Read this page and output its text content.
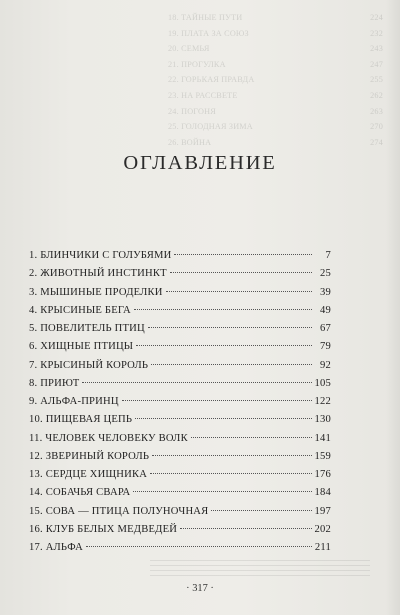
18. ТАЙНЫЕ ПУТИ	224
19. ПЛАТА ЗА СОЮЗ	232
20. СЕМЬЯ	243
21. ПРОГУЛКА	247
22. ГОРЬКАЯ ПРАВДА	255
23. НА РАССВЕТЕ	262
24. ПОГОНЯ	263
25. ГОЛОДНАЯ ЗИМА	270
26. ВОЙНА	274
ОГЛАВЛЕНИЕ
1. БЛИНЧИКИ С ГОЛУБЯМИ	7
2. ЖИВОТНЫЙ ИНСТИНКТ	25
3. МЫШИНЫЕ ПРОДЕЛКИ	39
4. КРЫСИНЫЕ БЕГА	49
5. ПОВЕЛИТЕЛЬ ПТИЦ	67
6. ХИЩНЫЕ ПТИЦЫ	79
7. КРЫСИНЫЙ КОРОЛЬ	92
8. ПРИЮТ	105
9. АЛЬФА-ПРИНЦ	122
10. ПИЩЕВАЯ ЦЕПЬ	130
11. ЧЕЛОВЕК ЧЕЛОВЕКУ ВОЛК	141
12. ЗВЕРИНЫЙ КОРОЛЬ	159
13. СЕРДЦЕ ХИЩНИКА	176
14. СОБАЧЬЯ СВАРА	184
15. СОВА — ПТИЦА ПОЛУНОЧНАЯ	197
16. КЛУБ БЕЛЫХ МЕДВЕДЕЙ	202
17. АЛЬФА	211
· 317 ·
